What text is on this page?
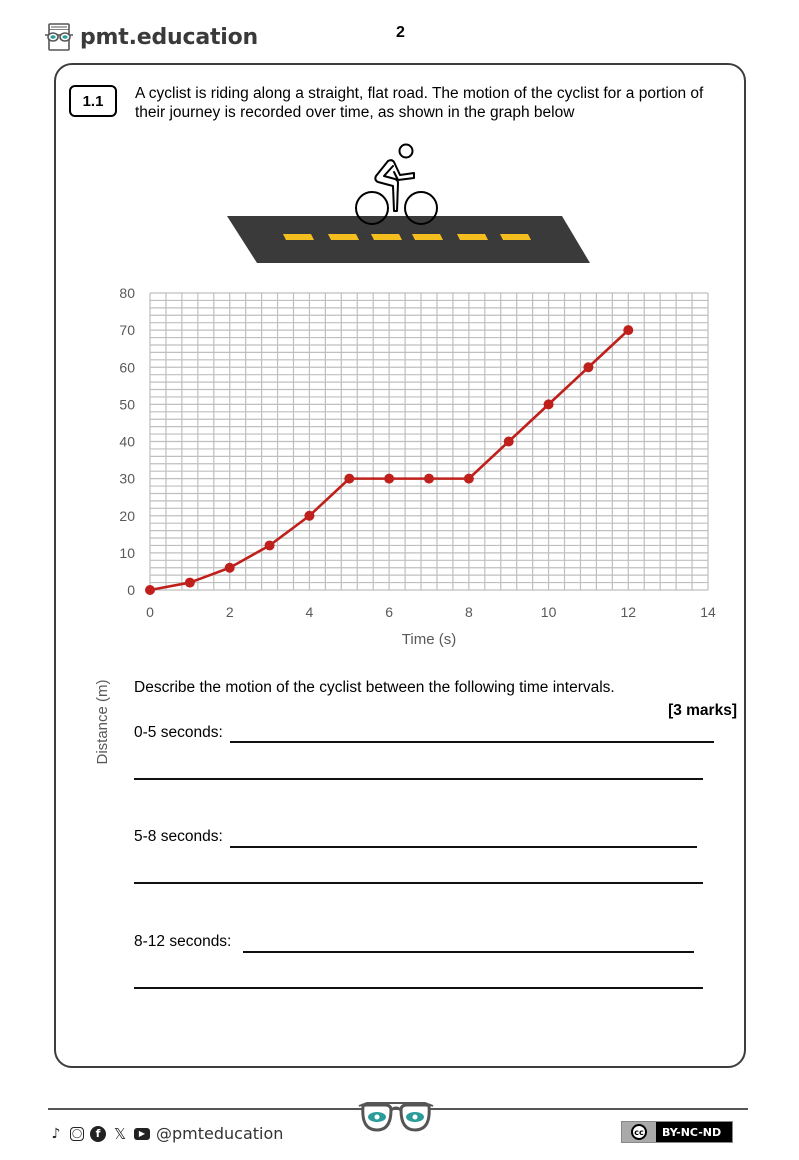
pmt.education	2
1.1	A cyclist is riding along a straight, flat road. The motion of the cyclist for a portion of their journey is recorded over time, as shown in the graph below
0
10
20
30
40
50
60
70
80
0	2	4	6	8	10	12	14
Distance (m)
Time (s)
Describe the motion of the cyclist between the following time intervals.
[3 marks]
0-5 seconds:
5-8 seconds:
8-12 seconds:
♪	◯	f 𝕏	▶ @pmteducation	cc BY-NC-ND
